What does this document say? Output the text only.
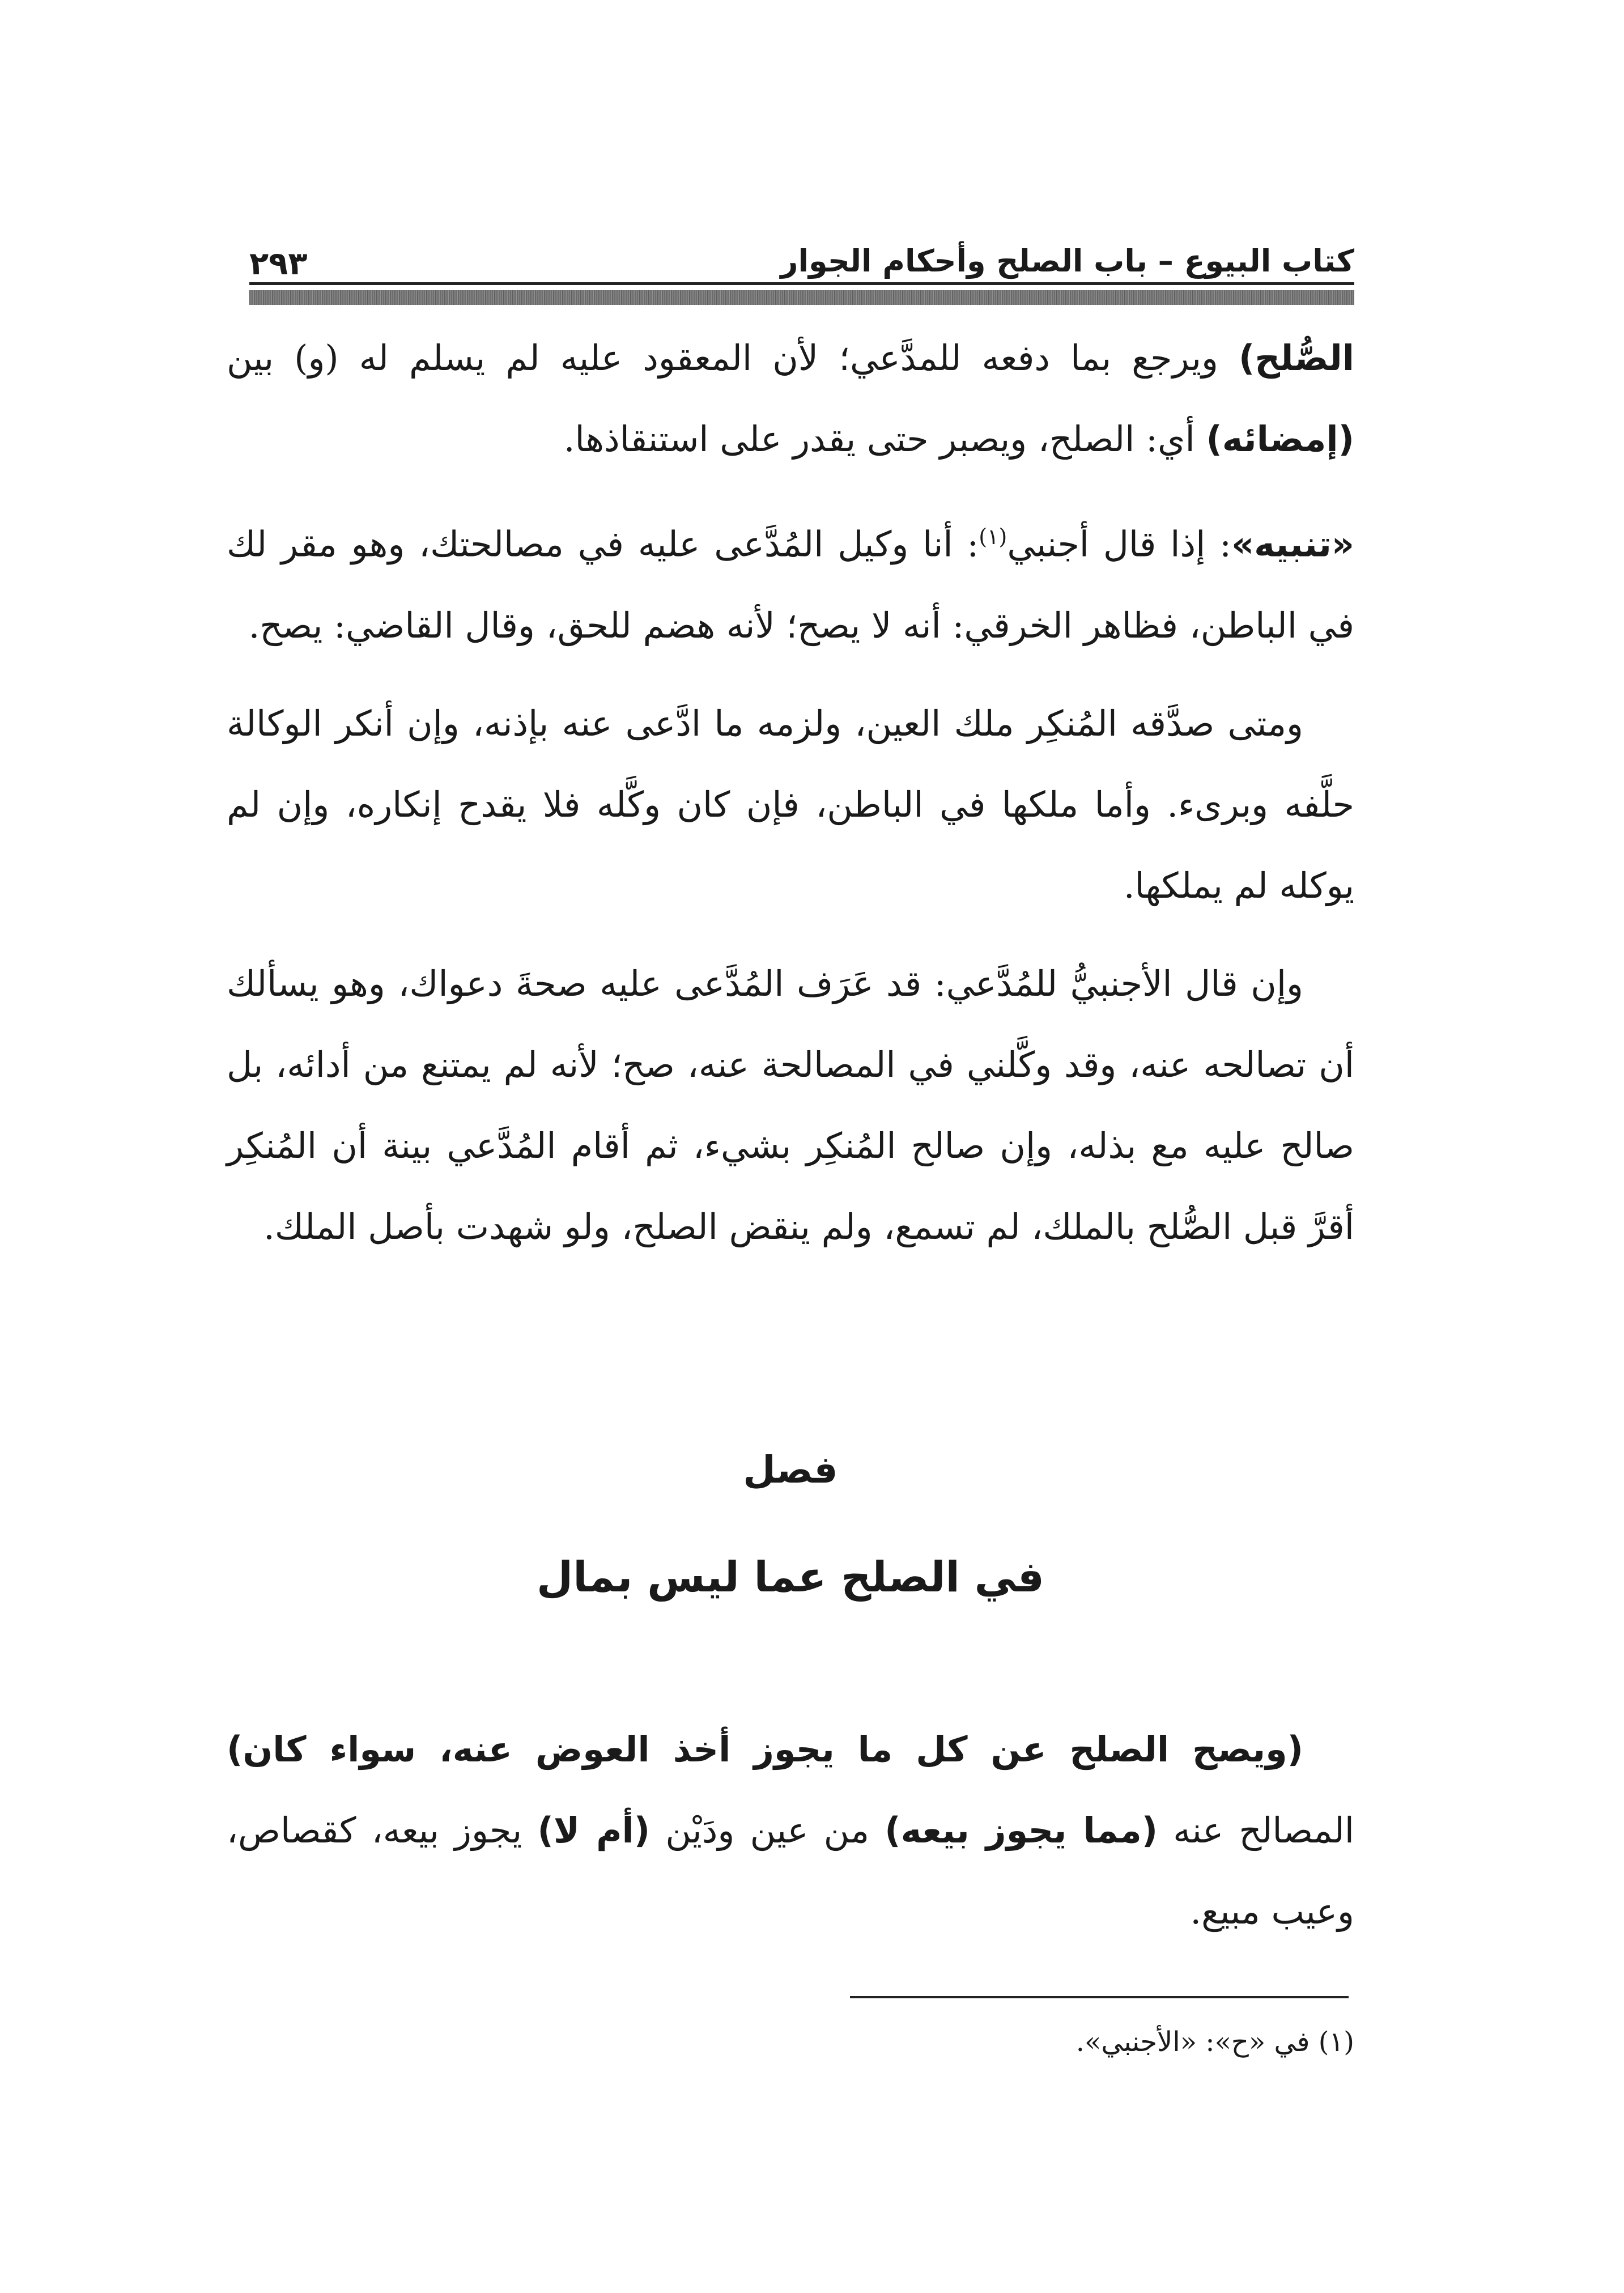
كتاب البيوع – باب الصلح وأحكام الجوار
٢٩٣

الصُّلح) ويرجع بما دفعه للمدَّعي؛ لأن المعقود عليه لم يسلم له (و) بين (إمضائه) أي: الصلح، ويصبر حتى يقدر على استنقاذها.

«تنبيه»: إذا قال أجنبي$^{(١)}$: أنا وكيل المُدَّعى عليه في مصالحتك، وهو مقر لك في الباطن، فظاهر الخرقي: أنه لا يصح؛ لأنه هضم للحق، وقال القاضي: يصح.

ومتى صدَّقه المُنكِر ملك العين، ولزمه ما ادَّعى عنه بإذنه، وإن أنكر الوكالة حلَّفه وبرىء. وأما ملكها في الباطن، فإن كان وكَّله فلا يقدح إنكاره، وإن لم يوكله لم يملكها.

وإن قال الأجنبيُّ للمُدَّعي: قد عَرَف المُدَّعى عليه صحةَ دعواك، وهو يسألك أن تصالحه عنه، وقد وكَّلني في المصالحة عنه، صح؛ لأنه لم يمتنع من أدائه، بل صالح عليه مع بذله، وإن صالح المُنكِر بشيء، ثم أقام المُدَّعي بينة أن المُنكِر أقرَّ قبل الصُّلح بالملك، لم تسمع، ولم ينقض الصلح، ولو شهدت بأصل الملك.

فصل
في الصلح عما ليس بمال

(ويصح الصلح عن كل ما يجوز أخذ العوض عنه، سواء كان) المصالح عنه (مما يجوز بيعه) من عين ودَيْن (أم لا) يجوز بيعه، كقصاص، وعيب مبيع.

(١) في «ح»: «الأجنبي».
